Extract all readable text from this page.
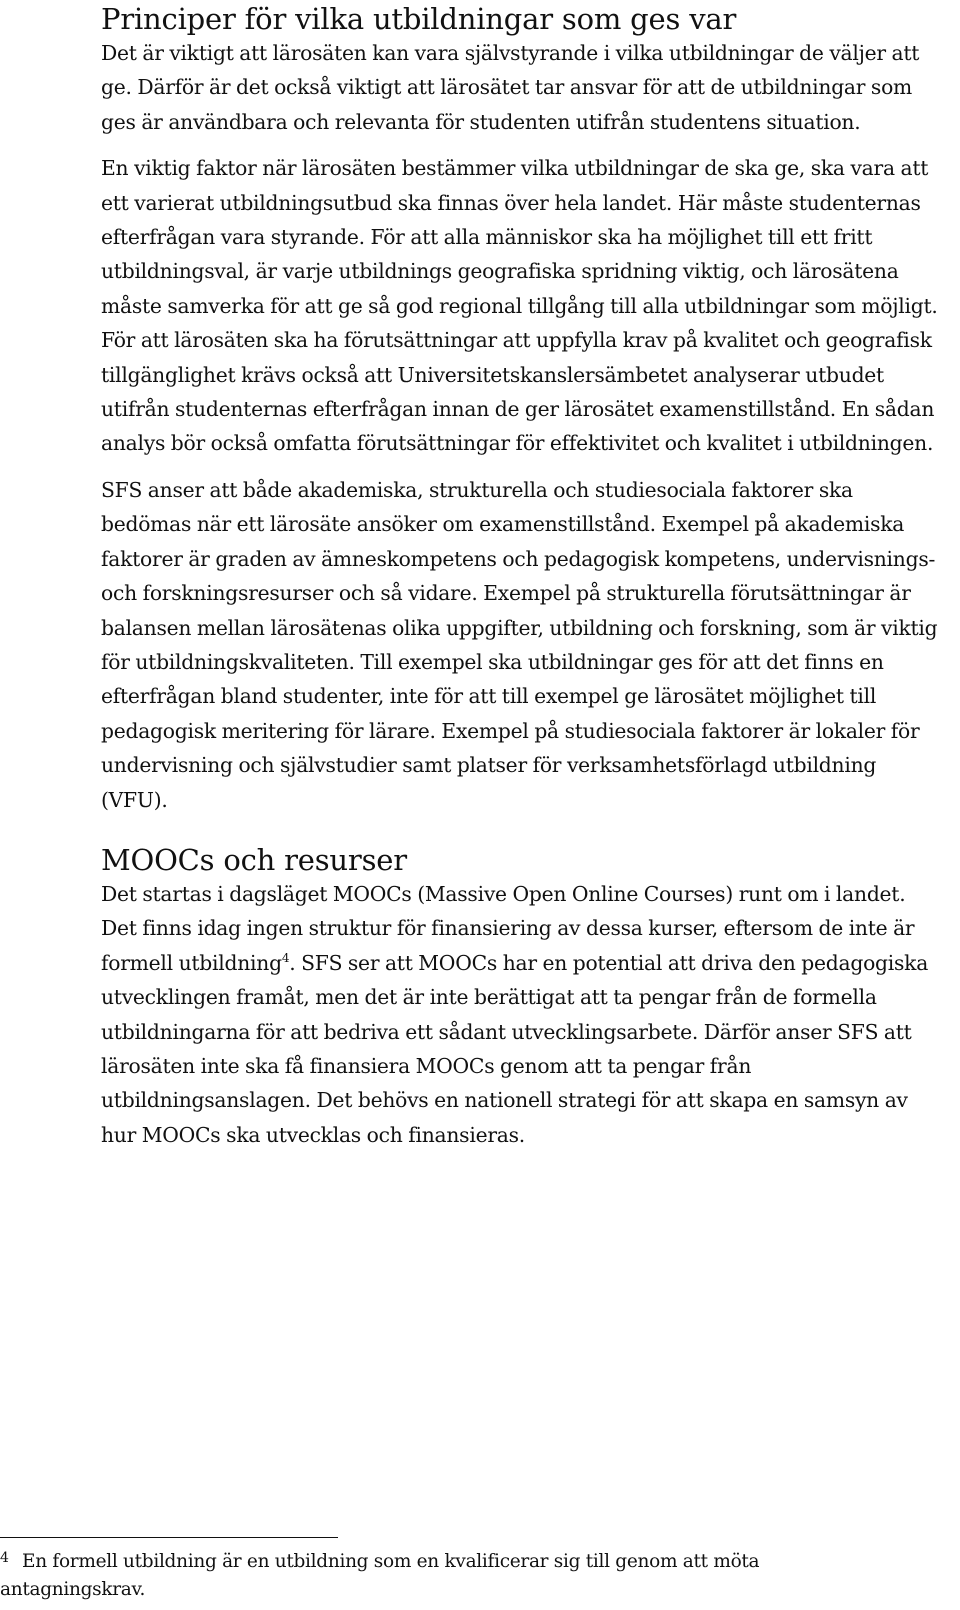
Principer för vilka utbildningar som ges var

Det är viktigt att lärosäten kan vara självstyrande i vilka utbildningar de väljer att ge. Därför är det också viktigt att lärosätet tar ansvar för att de utbildningar som ges är användbara och relevanta för studenten utifrån studentens situation.

En viktig faktor när lärosäten bestämmer vilka utbildningar de ska ge, ska vara att ett varierat utbildningsutbud ska finnas över hela landet. Här måste studenternas efterfrågan vara styrande. För att alla människor ska ha möjlighet till ett fritt utbildningsval, är varje utbildnings geografiska spridning viktig, och lärosätena måste samverka för att ge så god regional tillgång till alla utbildningar som möjligt. För att lärosäten ska ha förutsättningar att uppfylla krav på kvalitet och geografisk tillgänglighet krävs också att Universitetskanslersämbetet analyserar utbudet utifrån studenternas efterfrågan innan de ger lärosätet examenstillstånd. En sådan analys bör också omfatta förutsättningar för effektivitet och kvalitet i utbildningen.

SFS anser att både akademiska, strukturella och studiesociala faktorer ska bedömas när ett lärosäte ansöker om examenstillstånd. Exempel på akademiska faktorer är graden av ämneskompetens och pedagogisk kompetens, undervisnings- och forskningsresurser och så vidare. Exempel på strukturella förutsättningar är balansen mellan lärosätenas olika uppgifter, utbildning och forskning, som är viktig för utbildningskvaliteten. Till exempel ska utbildningar ges för att det finns en efterfrågan bland studenter, inte för att till exempel ge lärosätet möjlighet till pedagogisk meritering för lärare. Exempel på studiesociala faktorer är lokaler för undervisning och självstudier samt platser för verksamhetsförlagd utbildning (VFU).

MOOCs och resurser

Det startas i dagsläget MOOCs (Massive Open Online Courses) runt om i landet. Det finns idag ingen struktur för finansiering av dessa kurser, eftersom de inte är formell utbildning$^4$. SFS ser att MOOCs har en potential att driva den pedagogiska utvecklingen framåt, men det är inte berättigat att ta pengar från de formella utbildningarna för att bedriva ett sådant utvecklingsarbete. Därför anser SFS att lärosäten inte ska få finansiera MOOCs genom att ta pengar från utbildningsanslagen. Det behövs en nationell strategi för att skapa en samsyn av hur MOOCs ska utvecklas och finansieras.

4 En formell utbildning är en utbildning som en kvalificerar sig till genom att möta antagningskrav.
